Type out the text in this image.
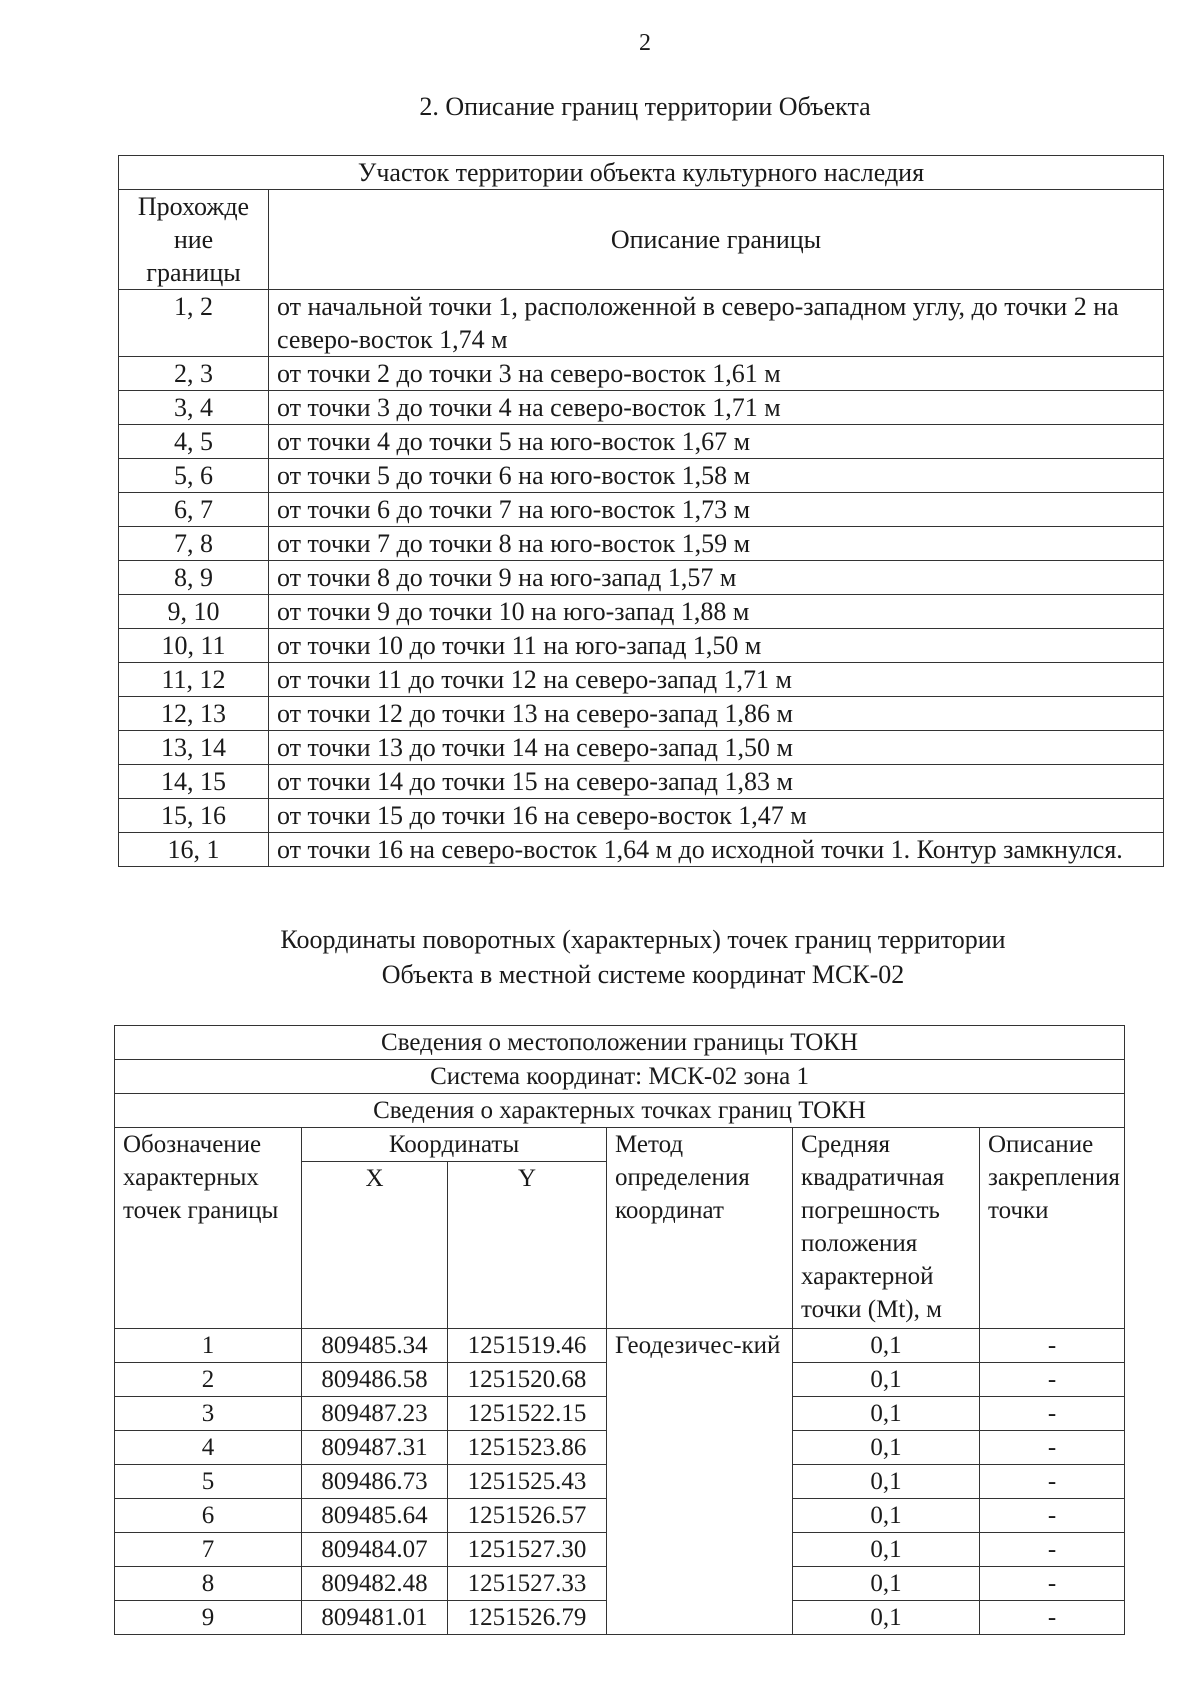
2
2. Описание границ территории Объекта
Участок территории объекта культурного наследия	
Прохожде ние границы	Описание границы
1, 2	от начальной точки 1, расположенной в северо-западном углу, до точки 2 на северо-восток 1,74 м
2, 3	от точки 2 до точки 3 на северо-восток 1,61 м
3, 4	от точки 3 до точки 4 на северо-восток 1,71 м
4, 5	от точки 4 до точки 5 на юго-восток 1,67 м
5, 6	от точки 5 до точки 6 на юго-восток 1,58 м
6, 7	от точки 6 до точки 7 на юго-восток 1,73 м
7, 8	от точки 7 до точки 8 на юго-восток 1,59 м
8, 9	от точки 8 до точки 9 на юго-запад 1,57 м
9, 10	от точки 9 до точки 10 на юго-запад 1,88 м
10, 11	от точки 10 до точки 11 на юго-запад 1,50 м
11, 12	от точки 11 до точки 12 на северо-запад 1,71 м
12, 13	от точки 12 до точки 13 на северо-запад 1,86 м
13, 14	от точки 13 до точки 14 на северо-запад 1,50 м
14, 15	от точки 14 до точки 15 на северо-запад 1,83 м
15, 16	от точки 15 до точки 16 на северо-восток 1,47 м
16, 1	от точки 16 на северо-восток 1,64 м до исходной точки 1. Контур замкнулся.
Координаты поворотных (характерных) точек границ территории
Объекта в местной системе координат МСК-02
Сведения о местоположении границы ТОКН					
Система координат: МСК-02 зона 1					
Сведения о характерных точках границ ТОКН					
Обозначение характерных точек границы	Координаты		Метод определения координат	Средняя квадратичная погрешность положения характерной точки (Mt), м	Описание закрепления точки
	X	Y			
1	809485.34	1251519.46	Геодезичес-кий	0,1	-
2	809486.58	1251520.68		0,1	-
3	809487.23	1251522.15		0,1	-
4	809487.31	1251523.86		0,1	-
5	809486.73	1251525.43		0,1	-
6	809485.64	1251526.57		0,1	-
7	809484.07	1251527.30		0,1	-
8	809482.48	1251527.33		0,1	-
9	809481.01	1251526.79		0,1	-
